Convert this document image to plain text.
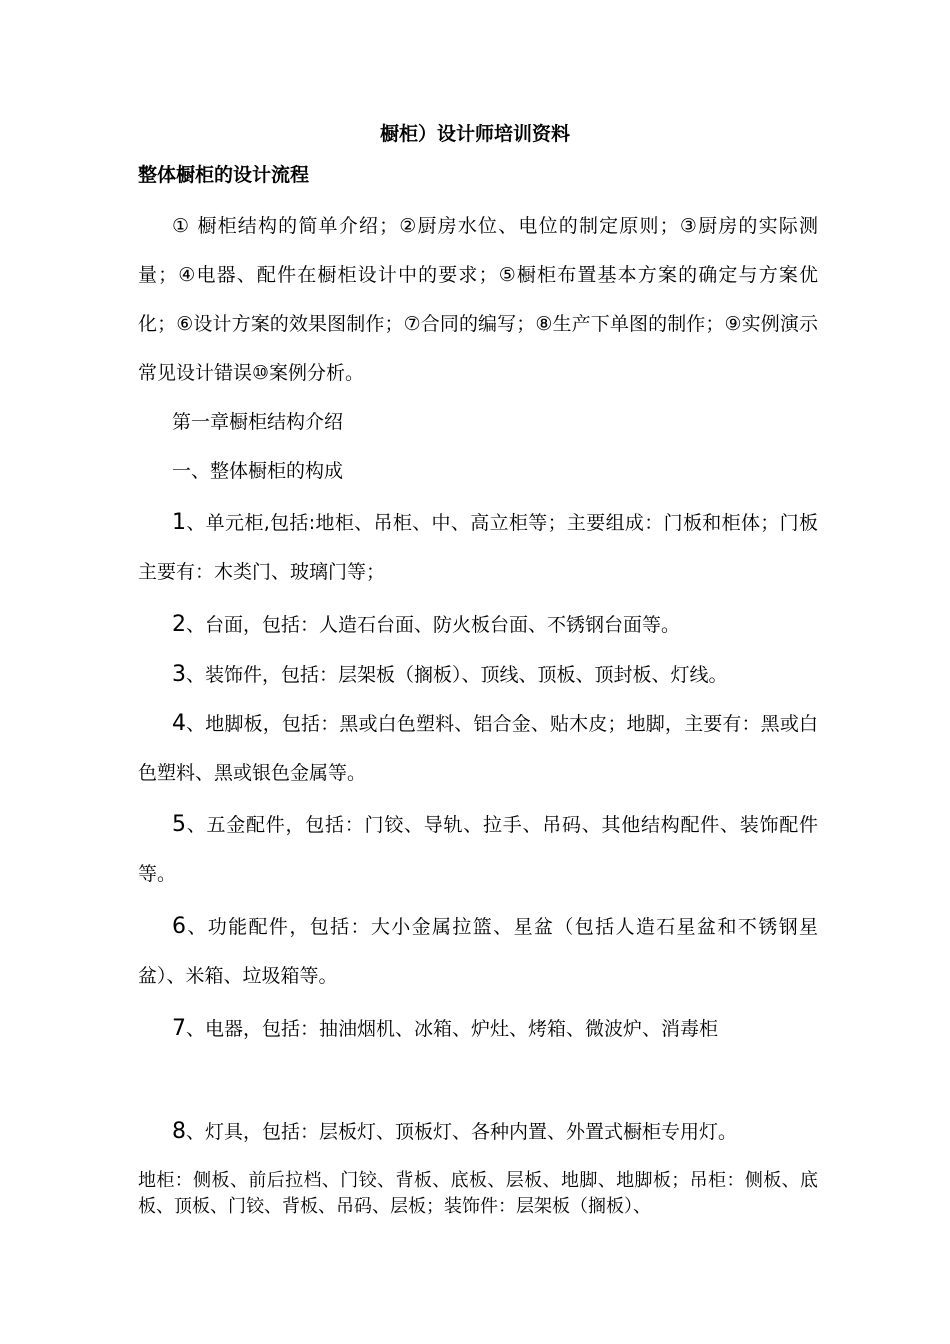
橱柜）设计师培训资料

整体橱柜的设计流程

① 橱柜结构的简单介绍；②厨房水位、电位的制定原则；③厨房的实际测量；④电器、配件在橱柜设计中的要求；⑤橱柜布置基本方案的确定与方案优化；⑥设计方案的效果图制作；⑦合同的编写；⑧生产下单图的制作；⑨实例演示常见设计错误⑩案例分析。

第一章橱柜结构介绍

一、整体橱柜的构成

1、单元柜,包括:地柜、吊柜、中、高立柜等；主要组成：门板和柜体；门板主要有：木类门、玻璃门等；

2、台面，包括：人造石台面、防火板台面、不锈钢台面等。

3、装饰件，包括：层架板（搁板）、顶线、顶板、顶封板、灯线。

4、地脚板，包括：黑或白色塑料、铝合金、贴木皮；地脚，主要有：黑或白色塑料、黑或银色金属等。

5、五金配件，包括：门铰、导轨、拉手、吊码、其他结构配件、装饰配件等。

6、功能配件，包括：大小金属拉篮、星盆（包括人造石星盆和不锈钢星盆）、米箱、垃圾箱等。

7、电器，包括：抽油烟机、冰箱、炉灶、烤箱、微波炉、消毒柜

8、灯具，包括：层板灯、顶板灯、各种内置、外置式橱柜专用灯。

地柜：侧板、前后拉档、门铰、背板、底板、层板、地脚、地脚板；吊柜：侧板、底板、顶板、门铰、背板、吊码、层板；装饰件：层架板（搁板）、
